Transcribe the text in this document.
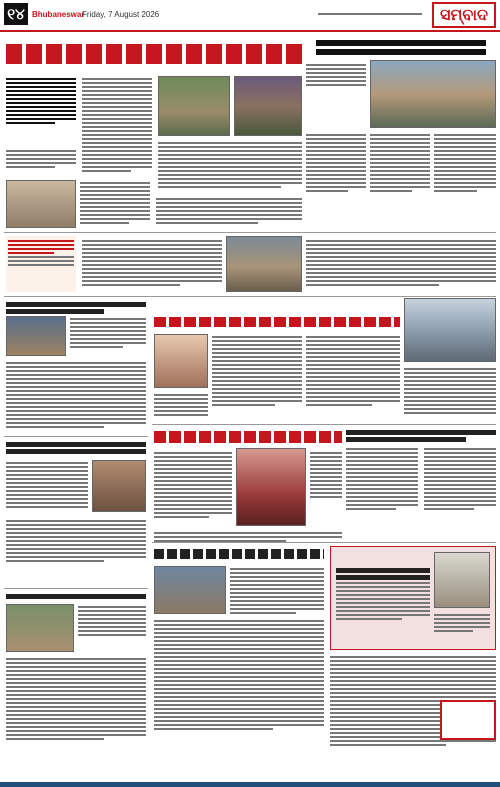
୧୪ Bhubaneswar
Friday, 7 August 2026	ସମ୍ବାଦ
